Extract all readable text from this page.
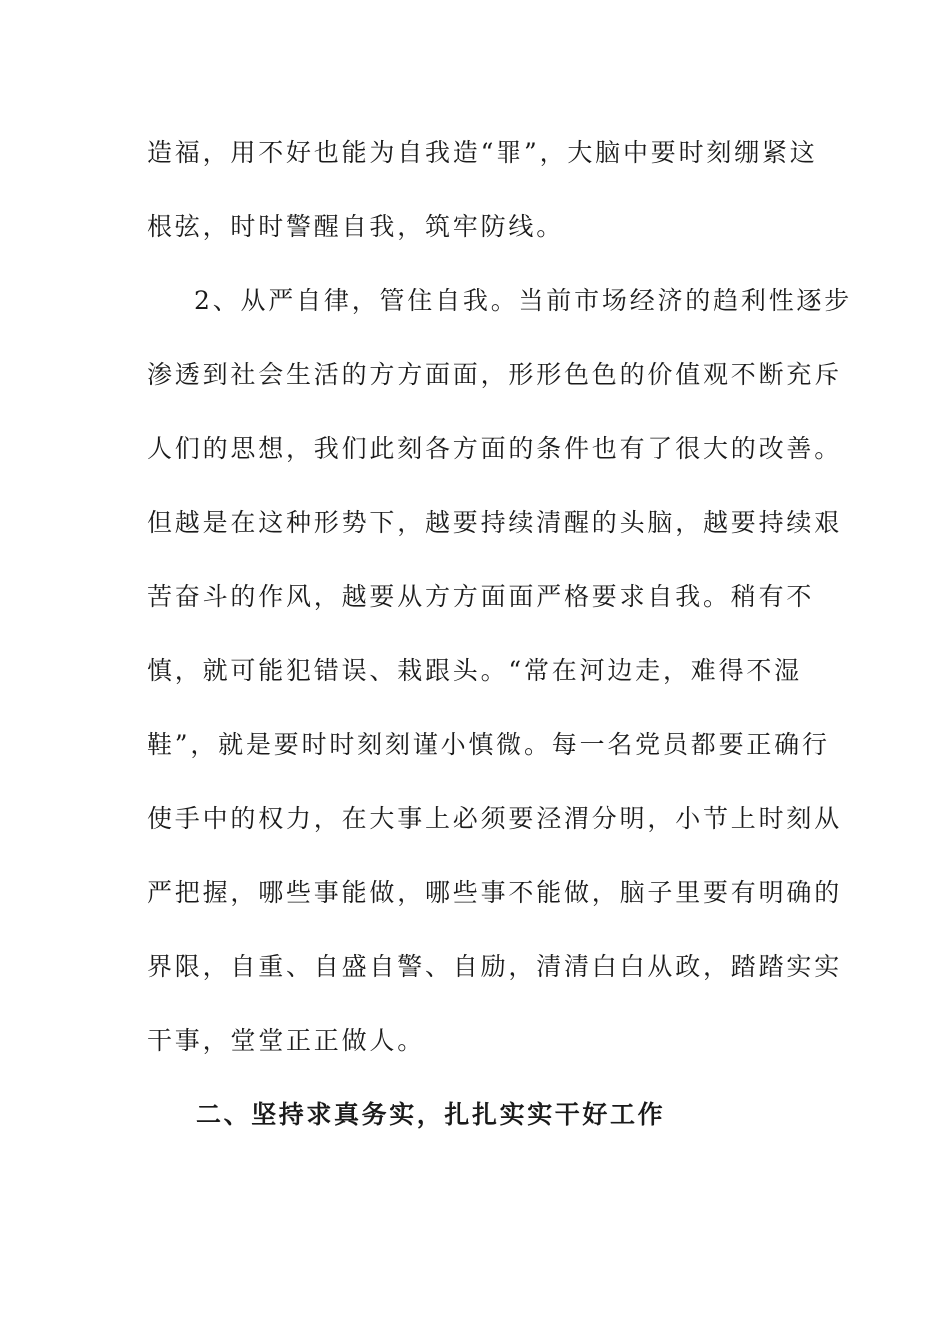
造福，用不好也能为自我造“罪”，大脑中要时刻绷紧这
根弦，时时警醒自我，筑牢防线。
2、从严自律，管住自我。当前市场经济的趋利性逐步
渗透到社会生活的方方面面，形形色色的价值观不断充斥
人们的思想，我们此刻各方面的条件也有了很大的改善。
但越是在这种形势下，越要持续清醒的头脑，越要持续艰
苦奋斗的作风，越要从方方面面严格要求自我。稍有不
慎，就可能犯错误、栽跟头。“常在河边走，难得不湿
鞋”，就是要时时刻刻谨小慎微。每一名党员都要正确行
使手中的权力，在大事上必须要泾渭分明，小节上时刻从
严把握，哪些事能做，哪些事不能做，脑子里要有明确的
界限，自重、自盛自警、自励，清清白白从政，踏踏实实
干事，堂堂正正做人。
二、坚持求真务实，扎扎实实干好工作
